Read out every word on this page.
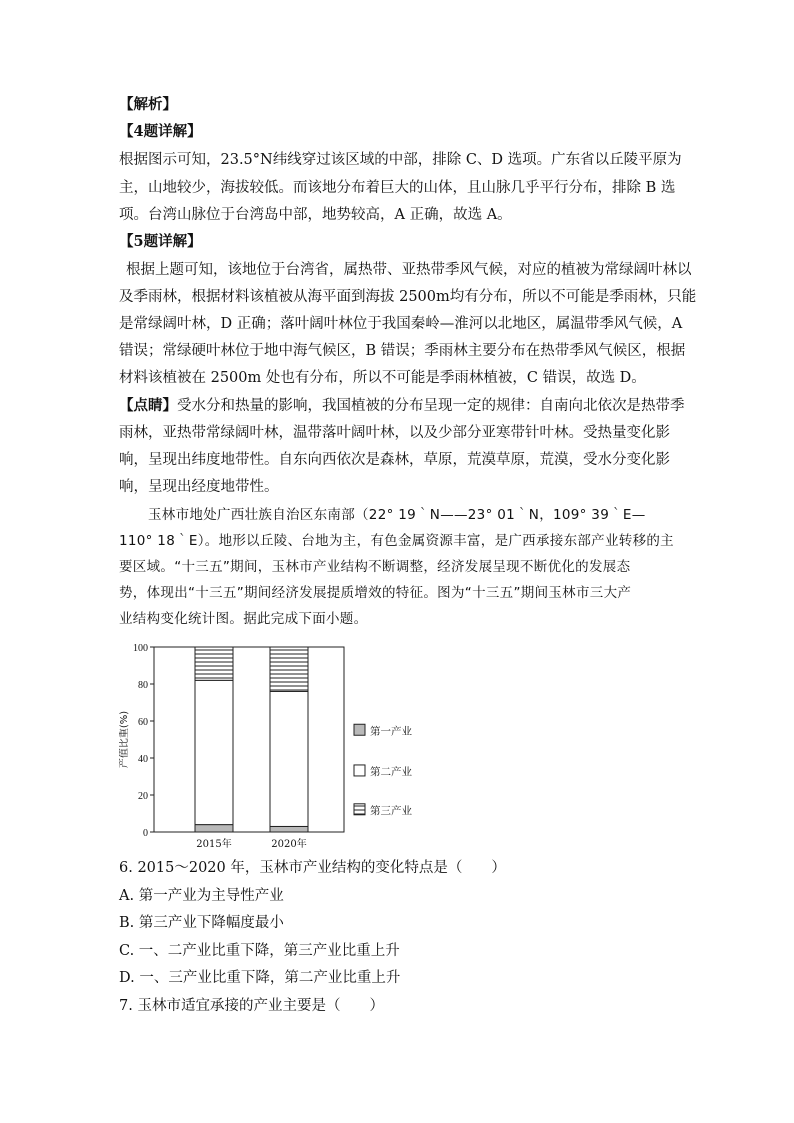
【解析】
【4题详解】
根据图示可知，23.5°N纬线穿过该区域的中部，排除 C、D 选项。广东省以丘陵平原为
主，山地较少，海拔较低。而该地分布着巨大的山体，且山脉几乎平行分布，排除 B 选
项。台湾山脉位于台湾岛中部，地势较高，A 正确，故选 A。
【5题详解】
根据上题可知，该地位于台湾省，属热带、亚热带季风气候，对应的植被为常绿阔叶林以
及季雨林，根据材料该植被从海平面到海拔 2500m均有分布，所以不可能是季雨林，只能
是常绿阔叶林，D 正确；落叶阔叶林位于我国秦岭—淮河以北地区，属温带季风气候，A
错误；常绿硬叶林位于地中海气候区，B 错误；季雨林主要分布在热带季风气候区，根据
材料该植被在 2500m 处也有分布，所以不可能是季雨林植被，C 错误，故选 D。
【点睛】受水分和热量的影响，我国植被的分布呈现一定的规律：自南向北依次是热带季
雨林，亚热带常绿阔叶林，温带落叶阔叶林，以及少部分亚寒带针叶林。受热量变化影
响，呈现出纬度地带性。自东向西依次是森林，草原，荒漠草原，荒漠，受水分变化影
响，呈现出经度地带性。
玉林市地处广西壮族自治区东南部（22° 19｀N——23° 01｀N，109° 39｀E—
110° 18｀E）。地形以丘陵、台地为主，有色金属资源丰富，是广西承接东部产业转移的主
要区域。“十三五”期间，玉林市产业结构不断调整，经济发展呈现不断优化的发展态
势，体现出“十三五”期间经济发展提质增效的特征。图为“十三五”期间玉林市三大产
业结构变化统计图。据此完成下面小题。
0
20
40
60
80
100
产值比重(%)
2015年	2020年
第一产业
第二产业
第三产业
6. 2015～2020 年，玉林市产业结构的变化特点是（　　）
A. 第一产业为主导性产业
B. 第三产业下降幅度最小
C. 一、二产业比重下降，第三产业比重上升
D. 一、三产业比重下降，第二产业比重上升
7. 玉林市适宜承接的产业主要是（　　）
